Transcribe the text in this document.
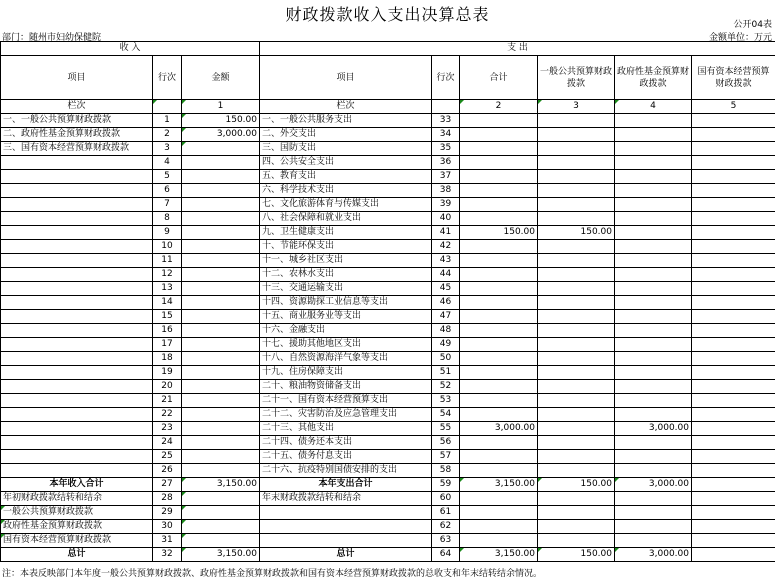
财政拨款收入支出决算总表
公开04表
部门：随州市妇幼保健院	金额单位：万元
收 入			支 出					
项目	行次	金额	项目	行次	合计	一般公共预算财政拨款	政府性基金预算财政拨款	国有资本经营预算财政拨款
栏次		1	栏次		2	3	4	5
一、一般公共预算财政拨款	1	150.00	一、一般公共服务支出	33				
二、政府性基金预算财政拨款	2	3,000.00	二、外交支出	34				
三、国有资本经营预算财政拨款	3		三、国防支出	35				
	4		四、公共安全支出	36				
	5		五、教育支出	37				
	6		六、科学技术支出	38				
	7		七、文化旅游体育与传媒支出	39				
	8		八、社会保障和就业支出	40				
	9		九、卫生健康支出	41	150.00	150.00		
	10		十、节能环保支出	42				
	11		十一、城乡社区支出	43				
	12		十二、农林水支出	44				
	13		十三、交通运输支出	45				
	14		十四、资源勘探工业信息等支出	46				
	15		十五、商业服务业等支出	47				
	16		十六、金融支出	48				
	17		十七、援助其他地区支出	49				
	18		十八、自然资源海洋气象等支出	50				
	19		十九、住房保障支出	51				
	20		二十、粮油物资储备支出	52				
	21		二十一、国有资本经营预算支出	53				
	22		二十二、灾害防治及应急管理支出	54				
	23		二十三、其他支出	55	3,000.00		3,000.00	
	24		二十四、债务还本支出	56				
	25		二十五、债务付息支出	57				
	26		二十六、抗疫特别国债安排的支出	58				
本年收入合计	27	3,150.00	本年支出合计	59	3,150.00	150.00	3,000.00	
年初财政拨款结转和结余	28		年末财政拨款结转和结余	60				
一般公共预算财政拨款	29			61				
政府性基金预算财政拨款	30			62				
国有资本经营预算财政拨款	31			63				
总计	32	3,150.00	总计	64	3,150.00	150.00	3,000.00	
注：本表反映部门本年度一般公共预算财政拨款、政府性基金预算财政拨款和国有资本经营预算财政拨款的总收支和年末结转结余情况。
